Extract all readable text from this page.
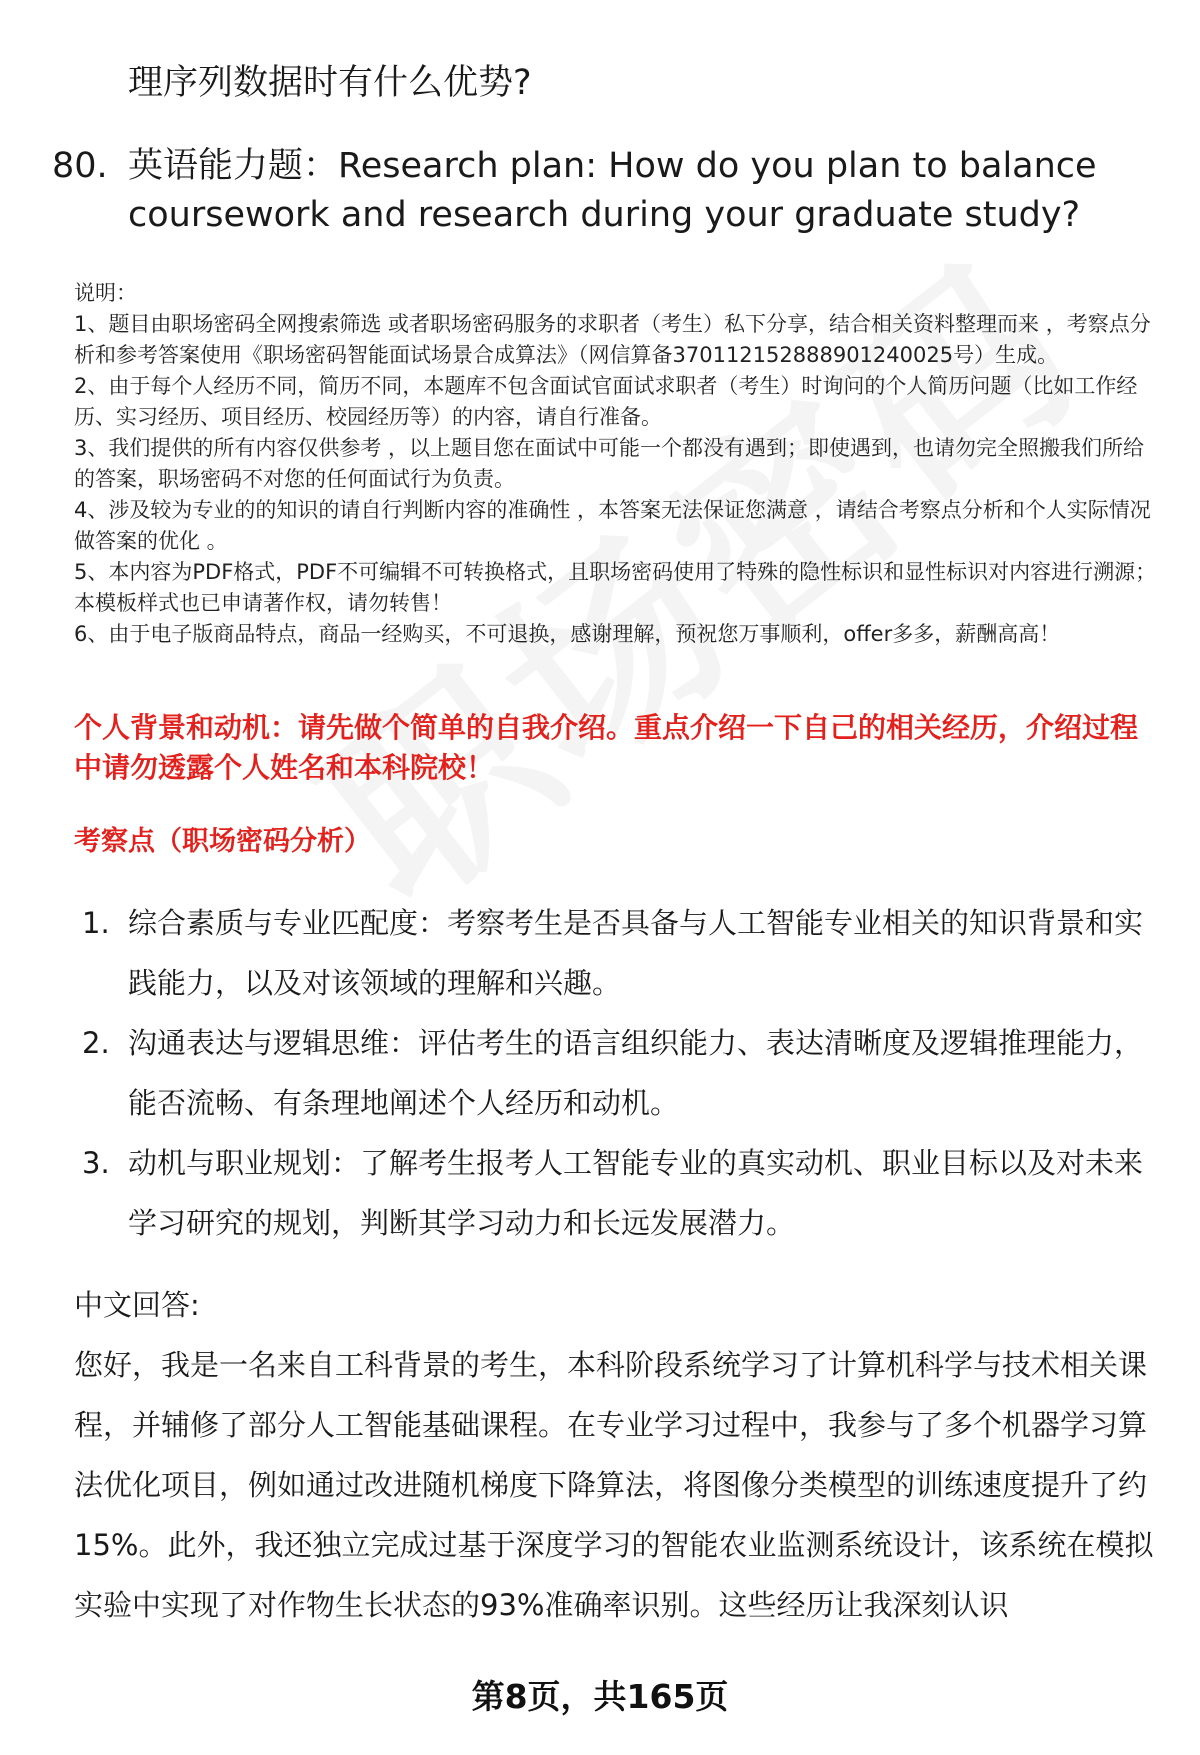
理序列数据时有什么优势?

80. 英语能力题：Research plan: How do you plan to balance coursework and research during your graduate study?

说明：

1、题目由职场密码全网搜索筛选 或者职场密码服务的求职者（考生）私下分享，结合相关资料整理而来 ，考察点分析和参考答案使用《职场密码智能面试场景合成算法》（网信算备370112152888901240025号）生成。

2、由于每个人经历不同，简历不同，本题库不包含面试官面试求职者（考生）时询问的个人简历问题（比如工作经历、实习经历、项目经历、校园经历等）的内容，请自行准备。

3、我们提供的所有内容仅供参考 ，以上题目您在面试中可能一个都没有遇到；即使遇到，也请勿完全照搬我们所给的答案，职场密码不对您的任何面试行为负责。

4、涉及较为专业的的知识的请自行判断内容的准确性 ，本答案无法保证您满意 ，请结合考察点分析和个人实际情况做答案的优化 。

5、本内容为PDF格式，PDF不可编辑不可转换格式，且职场密码使用了特殊的隐性标识和显性标识对内容进行溯源；本模板样式也已申请著作权，请勿转售！

6、由于电子版商品特点，商品一经购买，不可退换，感谢理解，预祝您万事顺利，offer多多，薪酬高高！

个人背景和动机：请先做个简单的自我介绍。重点介绍一下自己的相关经历，介绍过程中请勿透露个人姓名和本科院校！

考察点（职场密码分析）

1. 综合素质与专业匹配度：考察考生是否具备与人工智能专业相关的知识背景和实践能力，以及对该领域的理解和兴趣。
2. 沟通表达与逻辑思维：评估考生的语言组织能力、表达清晰度及逻辑推理能力，能否流畅、有条理地阐述个人经历和动机。
3. 动机与职业规划：了解考生报考人工智能专业的真实动机、职业目标以及对未来学习研究的规划，判断其学习动力和长远发展潜力。

中文回答:

您好，我是一名来自工科背景的考生，本科阶段系统学习了计算机科学与技术相关课程，并辅修了部分人工智能基础课程。在专业学习过程中，我参与了多个机器学习算法优化项目，例如通过改进随机梯度下降算法，将图像分类模型的训练速度提升了约15%。此外，我还独立完成过基于深度学习的智能农业监测系统设计，该系统在模拟实验中实现了对作物生长状态的93%准确率识别。这些经历让我深刻认识

第8页，共165页
